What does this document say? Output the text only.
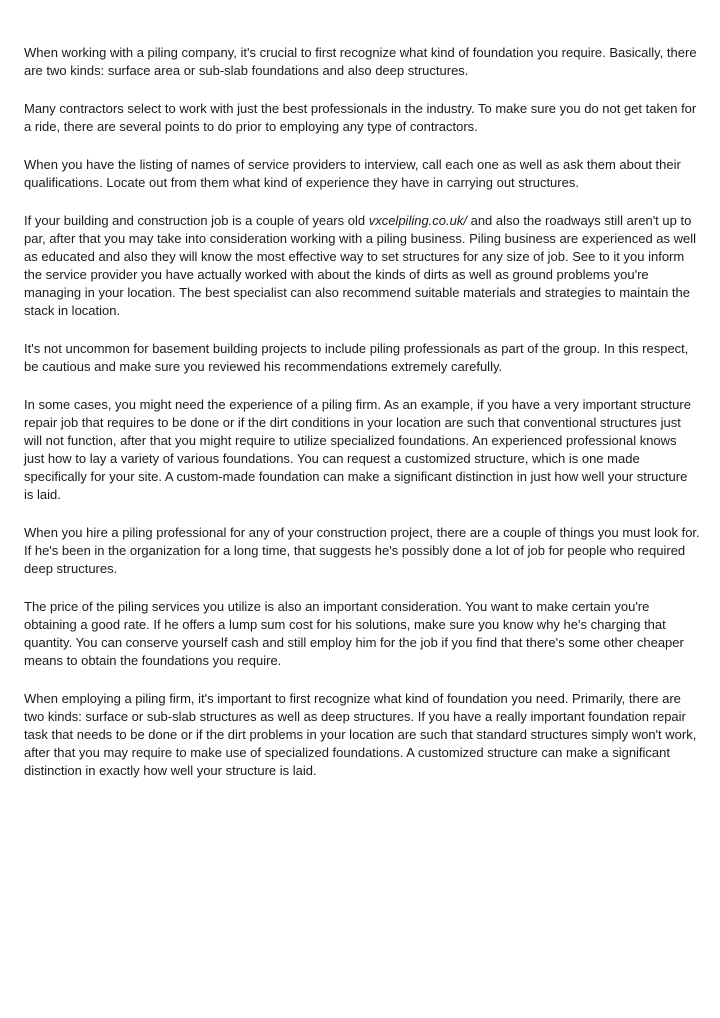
When working with a piling company, it's crucial to first recognize what kind of foundation you require. Basically, there are two kinds: surface area or sub-slab foundations and also deep structures.

Many contractors select to work with just the best professionals in the industry. To make sure you do not get taken for a ride, there are several points to do prior to employing any type of contractors.

When you have the listing of names of service providers to interview, call each one as well as ask them about their qualifications. Locate out from them what kind of experience they have in carrying out structures.

If your building and construction job is a couple of years old vxcelpiling.co.uk/ and also the roadways still aren't up to par, after that you may take into consideration working with a piling business. Piling business are experienced as well as educated and also they will know the most effective way to set structures for any size of job. See to it you inform the service provider you have actually worked with about the kinds of dirts as well as ground problems you're managing in your location. The best specialist can also recommend suitable materials and strategies to maintain the stack in location.

It's not uncommon for basement building projects to include piling professionals as part of the group. In this respect, be cautious and make sure you reviewed his recommendations extremely carefully.

In some cases, you might need the experience of a piling firm. As an example, if you have a very important structure repair job that requires to be done or if the dirt conditions in your location are such that conventional structures just will not function, after that you might require to utilize specialized foundations. An experienced professional knows just how to lay a variety of various foundations. You can request a customized structure, which is one made specifically for your site. A custom-made foundation can make a significant distinction in just how well your structure is laid.

When you hire a piling professional for any of your construction project, there are a couple of things you must look for. If he's been in the organization for a long time, that suggests he's possibly done a lot of job for people who required deep structures.

The price of the piling services you utilize is also an important consideration. You want to make certain you're obtaining a good rate. If he offers a lump sum cost for his solutions, make sure you know why he's charging that quantity. You can conserve yourself cash and still employ him for the job if you find that there's some other cheaper means to obtain the foundations you require.

When employing a piling firm, it's important to first recognize what kind of foundation you need. Primarily, there are two kinds: surface or sub-slab structures as well as deep structures. If you have a really important foundation repair task that needs to be done or if the dirt problems in your location are such that standard structures simply won't work, after that you may require to make use of specialized foundations. A customized structure can make a significant distinction in exactly how well your structure is laid.
